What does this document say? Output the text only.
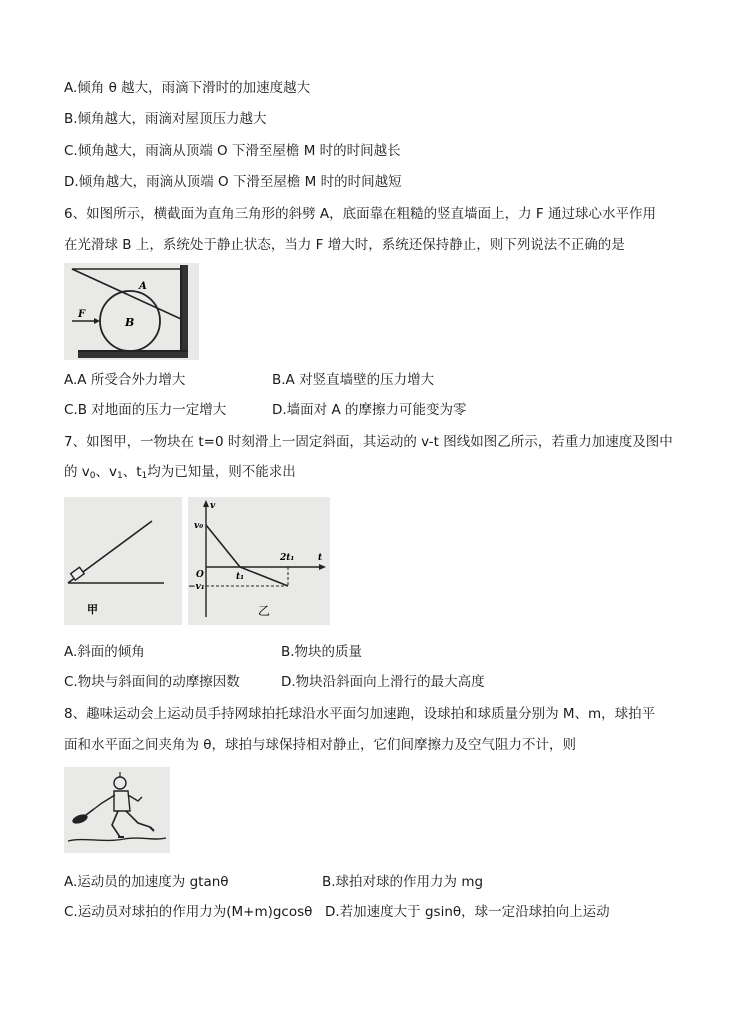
A.倾角 θ 越大，雨滴下滑时的加速度越大
B.倾角越大，雨滴对屋顶压力越大
C.倾角越大，雨滴从顶端 O 下滑至屋檐 M 时的时间越长
D.倾角越大，雨滴从顶端 O 下滑至屋檐 M 时的时间越短
6、如图所示，横截面为直角三角形的斜劈 A，底面靠在粗糙的竖直墙面上，力 F 通过球心水平作用
在光滑球 B 上，系统处于静止状态，当力 F 增大时，系统还保持静止，则下列说法不正确的是
A
B
F
A.A 所受合外力增大	B.A 对竖直墙壁的压力增大
C.B 对地面的压力一定增大	D.墙面对 A 的摩擦力可能变为零
7、如图甲，一物块在 t=0 时刻滑上一固定斜面，其运动的 v-t 图线如图乙所示，若重力加速度及图中
的 $v_0$、$v_1$、$t_1$均为已知量，则不能求出
甲
v
t
v₀
O
−v₁
t₁
2t₁
乙
A.斜面的倾角	B.物块的质量
C.物块与斜面间的动摩擦因数	D.物块沿斜面向上滑行的最大高度
8、趣味运动会上运动员手持网球拍托球沿水平面匀加速跑，设球拍和球质量分别为 M、m，球拍平
面和水平面之间夹角为 θ，球拍与球保持相对静止，它们间摩擦力及空气阻力不计，则
A.运动员的加速度为 gtanθ	B.球拍对球的作用力为 mg
C.运动员对球拍的作用力为(M+m)gcosθ D.若加速度大于 gsinθ，球一定沿球拍向上运动
